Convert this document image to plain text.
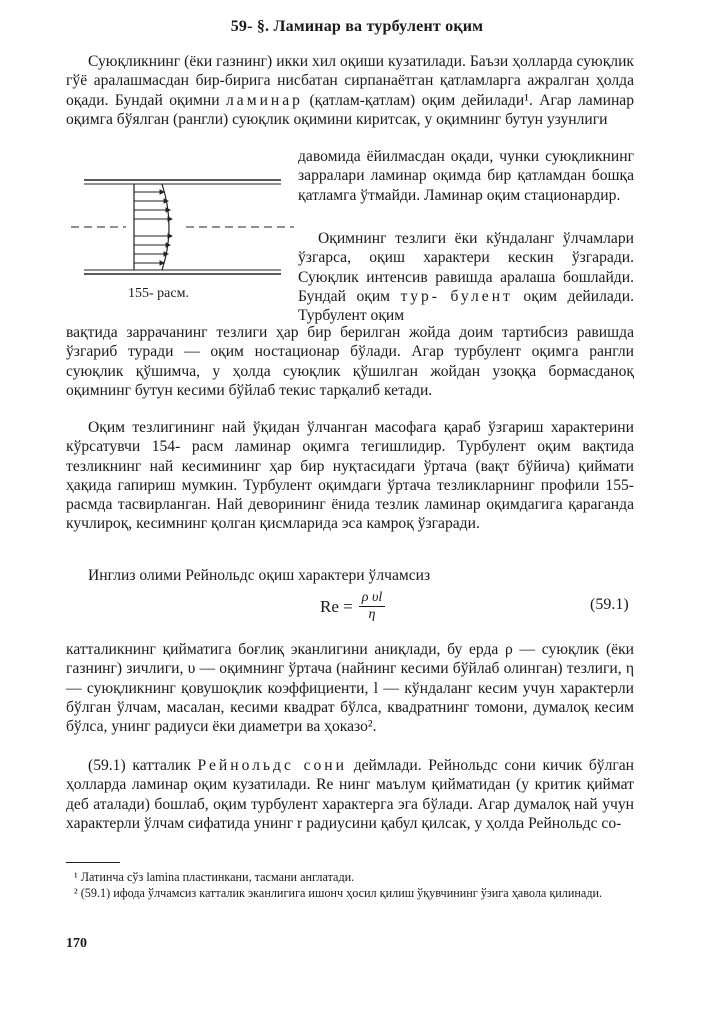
59- §. Ламинар ва турбулент оқим

Суюқликнинг (ёки газнинг) икки хил оқиши кузатилади. Баъзи ҳолларда суюқлик гўё аралашмасдан бир-бирига нисбатан сирпанаётган қатламларга ажралган ҳолда оқади. Бундай оқимни ламинар (қатлам-қатлам) оқим дейилади¹. Агар ламинар оқимга бўялган (рангли) суюқлик оқимини киритсак, у оқимнинг бутун узунлиги

давомида ёйилмасдан оқади, чунки суюқликнинг зарралари ламинар оқимда бир қатламдан бошқа қатламга ўтмайди. Ламинар оқим стационардир.

155- расм.

Оқимнинг тезлиги ёки кўндаланг ўлчамлари ўзгарса, оқиш характери кескин ўзгаради. Суюқлик интенсив равишда аралаша бошлайди. Бундай оқим тур- булент оқим дейилади. Турбулент оқим

вақтида заррачанинг тезлиги ҳар бир берилган жойда доим тартибсиз равишда ўзгариб туради — оқим ностационар бўлади. Агар турбулент оқимга рангли суюқлик қўшимча, у ҳолда суюқлик қўшилган жойдан узоққа бормасданоқ оқимнинг бутун кесими бўйлаб текис тарқалиб кетади.

Оқим тезлигининг най ўқидан ўлчанган масофага қараб ўзгариш характерини кўрсатувчи 154- расм ламинар оқимга тегишлидир. Турбулент оқим вақтида тезликнинг най кесимининг ҳар бир нуқтасидаги ўртача (вақт бўйича) қиймати ҳақида гапириш мумкин. Турбулент оқимдаги ўртача тезликларнинг профили 155- расмда тасвирланган. Най деворининг ёнида тезлик ламинар оқимдагига қараганда кучлироқ, кесимнинг қолган қисмларида эса камроқ ўзгаради.

Инглиз олими Рейнольдс оқиш характери ўлчамсиз

$Re = \frac{\text{ρ υl}}{\eta}$	(59.1)

катталикнинг қийматига боғлиқ эканлигини аниқлади, бу ерда ρ — суюқлик (ёки газнинг) зичлиги, υ — оқимнинг ўртача (найнинг кесими бўйлаб олинган) тезлиги, η — суюқликнинг қовушоқлик коэффициенти, l — кўндаланг кесим учун характерли бўлган ўлчам, масалан, кесими квадрат бўлса, квадратнинг томони, думалоқ кесим бўлса, унинг радиуси ёки диаметри ва ҳоказо².

(59.1) катталик Рейнольдс сони деймлади. Рейнольдс сони кичик бўлган ҳолларда ламинар оқим кузатилади. Re нинг маълум қийматидан (у критик қиймат деб аталади) бошлаб, оқим турбулент характерга эга бўлади. Агар думалоқ най учун характерли ўлчам сифатида унинг r радиусини қабул қилсак, у ҳолда Рейнольдс со-

¹ Латинча сўз lamina пластинкани, тасмани англатади.
² (59.1) ифода ўлчамсиз катталик эканлигига ишонч ҳосил қилиш ўқувчининг ўзига ҳавола қилинади.
170
